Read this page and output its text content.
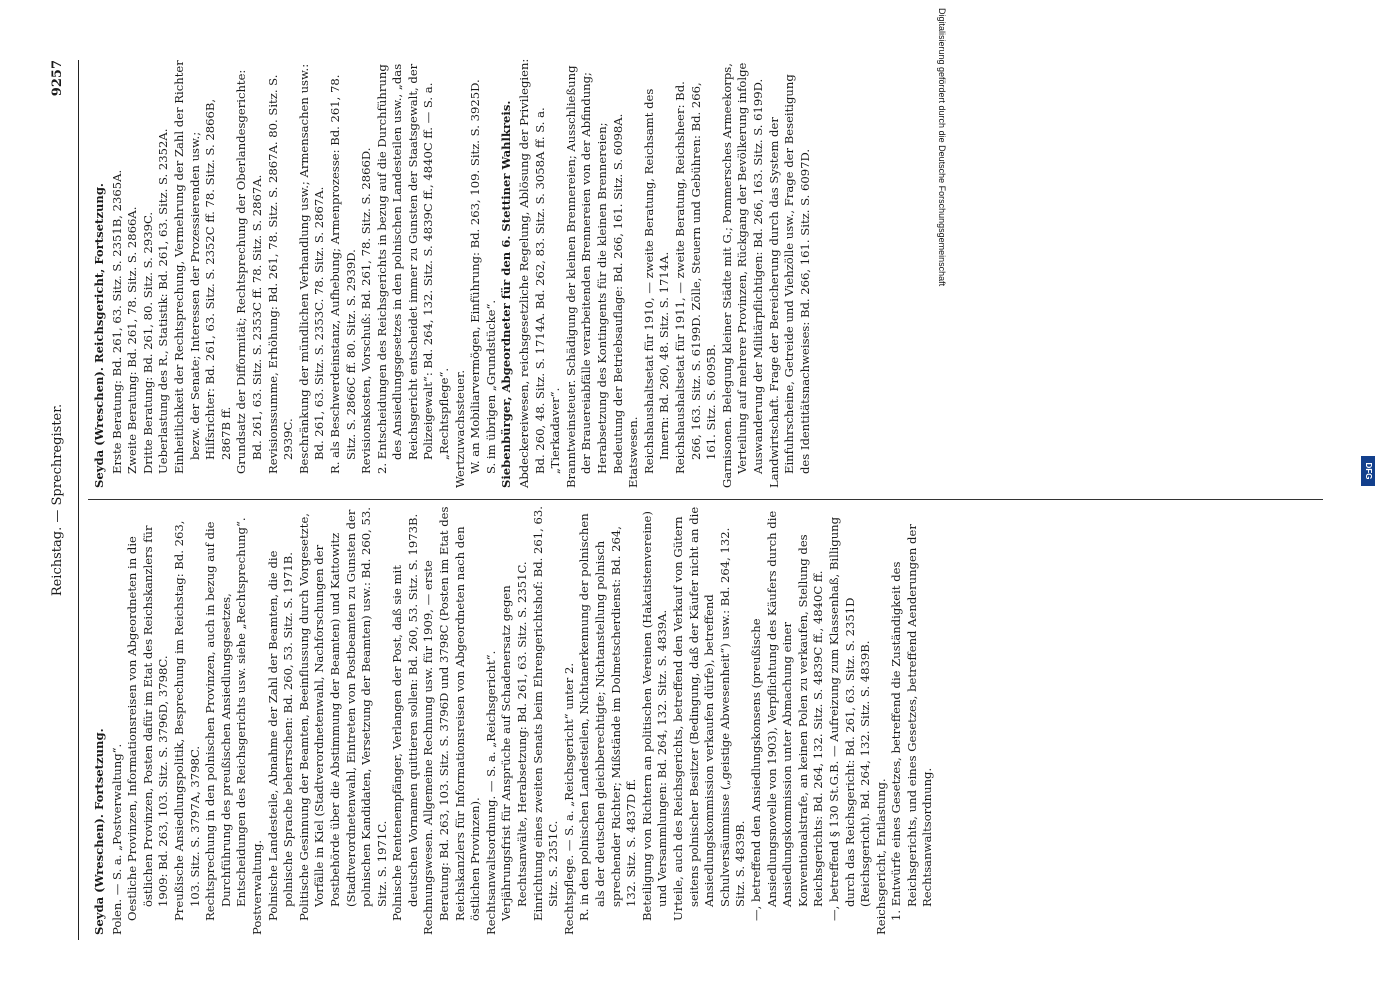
Reichstag. — Sprechregister.
9257

Seyda (Wreschen). Fortsetzung. Polen. — S. a. „Postverwaltung“. Oestliche Provinzen, Informationsreisen von Abgeordneten in die östlichen Provinzen, Posten dafür im Etat des Reichskanzlers für 1909: Bd. 263, 103. Sitz. S. 3796D, 3798C. Preußische Ansiedlungspolitik, Besprechung im Reichstag: Bd. 263, 103. Sitz. S. 3797A, 3798C. Rechtsprechung in den polnischen Provinzen, auch in bezug auf die Durchführung des preußischen Ansiedlungsgesetzes, Entscheidungen des Reichsgerichts usw. siehe „Rechtsprechung“. Postverwaltung. Polnische Landesteile, Abnahme der Zahl der Beamten, die die polnische Sprache beherrschen: Bd. 260, 53. Sitz. S. 1971B. Politische Gesinnung der Beamten, Beeinflussung durch Vorgesetzte, Vorfälle in Kiel (Stadtverordnetenwahl, Nachforschungen der Postbehörde über die Abstimmung der Beamten) und Kattowitz (Stadtverordnetenwahl, Eintreten von Postbeamten zu Gunsten der polnischen Kandidaten, Versetzung der Beamten) usw.: Bd. 260, 53. Sitz. S. 1971C. Polnische Rentenempfänger, Verlangen der Post, daß sie mit deutschen Vornamen quittieren sollen: Bd. 260, 53. Sitz. S. 1973B. Rechnungswesen. Allgemeine Rechnung usw. für 1909, — erste Beratung: Bd. 263, 103. Sitz. S. 3796D und 3798C (Posten im Etat des Reichskanzlers für Informationsreisen von Abgeordneten nach den östlichen Provinzen). Rechtsanwaltsordnung. — S. a. „Reichsgericht“. Verjährungsfrist für Ansprüche auf Schadenersatz gegen Rechtsanwälte, Herabsetzung: Bd. 261, 63. Sitz. S. 2351C. Einrichtung eines zweiten Senats beim Ehrengerichtshof: Bd. 261, 63. Sitz. S. 2351C. Rechtspflege. — S. a. „Reichsgericht“ unter 2. R. in den polnischen Landesteilen, Nichtanerkennung der polnischen als der deutschen gleichberechtigte; Nichtanstellung polnisch sprechender Richter; Mißstände im Dolmetscherdienst: Bd. 264, 132. Sitz. S. 4837D ff. Beteiligung von Richtern an politischen Vereinen (Hakatistenvereine) und Versammlungen: Bd. 264, 132. Sitz. S. 4839A. Urteile, auch des Reichsgerichts, betreffend den Verkauf von Gütern seitens polnischer Besitzer (Bedingung, daß der Käufer nicht an die Ansiedlungskommission verkaufen dürfe), betreffend Schulversäumnisse („geistige Abwesenheit“) usw.: Bd. 264, 132. Sitz. S. 4839B. —, betreffend den Ansiedlungskonsens (preußische Ansiedlungsnovelle von 1903), Verpflichtung des Käufers durch die Ansiedlungskommission unter Abmachung einer Konventionalstrafe, an keinen Polen zu verkaufen, Stellung des Reichsgerichts: Bd. 264, 132. Sitz. S. 4839C ff., 4840C ff. —, betreffend § 130 St.G.B. — Aufreizung zum Klassenhaß, Billigung durch das Reichsgericht: Bd. 261, 63. Sitz. S. 2351D (Reichsgericht). Bd. 264, 132. Sitz. S. 4839B. Reichsgericht, Entlastung. 1. Entwürfe eines Gesetzes, betreffend die Zuständigkeit des Reichsgerichts, und eines Gesetzes, betreffend Aenderungen der Rechtsanwaltsordnung.

Seyda (Wreschen). Reichsgericht, Fortsetzung. Erste Beratung: Bd. 261, 63. Sitz. S. 2351B, 2365A. Zweite Beratung: Bd. 261, 78. Sitz. S. 2866A. Dritte Beratung: Bd. 261, 80. Sitz. S. 2939C. Ueberlastung des R., Statistik: Bd. 261, 63. Sitz. S. 2352A. Einheitlichkeit der Rechtsprechung, Vermehrung der Zahl der Richter bezw. der Senate; Interessen der Prozessierenden usw.; Hilfsrichter: Bd. 261, 63. Sitz. S. 2352C ff. 78. Sitz. S. 2866B, 2867B ff. Grundsatz der Difformität; Rechtsprechung der Oberlandesgerichte: Bd. 261, 63. Sitz. S. 2353C ff. 78. Sitz. S. 2867A. Revisionssumme, Erhöhung: Bd. 261, 78. Sitz. S. 2867A. 80. Sitz. S. 2939C. Beschränkung der mündlichen Verhandlung usw.; Armensachen usw.: Bd. 261, 63. Sitz. S. 2353C. 78. Sitz. S. 2867A. R. als Beschwerdeinstanz, Aufhebung; Armenprozesse: Bd. 261, 78. Sitz. S. 2866C ff. 80. Sitz. S. 2939D. Revisionskosten, Vorschuß: Bd. 261, 78. Sitz. S. 2866D. 2. Entscheidungen des Reichsgerichts in bezug auf die Durchführung des Ansiedlungsgesetzes in den polnischen Landesteilen usw., „das Reichsgericht entscheidet immer zu Gunsten der Staatsgewalt, der Polizeigewalt“: Bd. 264, 132. Sitz. S. 4839C ff., 4840C ff. — S. a. „Rechtspflege“. Wertzuwachssteuer. W. an Mobiliarvermögen, Einführung: Bd. 263, 109. Sitz. S. 3925D. S. im übrigen „Grundstücke“. Siebenbürger, Abgeordneter für den 6. Stettiner Wahlkreis. Abdeckereiwesen, reichsgesetzliche Regelung, Ablösung der Privilegien: Bd. 260, 48. Sitz. S. 1714A. Bd. 262, 83. Sitz. S. 3058A ff. S. a. „Tierkadaver“. Branntweinsteuer. Schädigung der kleinen Brennereien; Ausschließung der Brauereiabfälle verarbeitenden Brennereien von der Abfindung; Herabsetzung des Kontingents für die kleinen Brennereien; Bedeutung der Betriebsauflage: Bd. 266, 161. Sitz. S. 6098A. Etatswesen. Reichshaushaltsetat für 1910, — zweite Beratung, Reichsamt des Innern: Bd. 260, 48. Sitz. S. 1714A. Reichshaushaltsetat für 1911, — zweite Beratung, Reichsheer: Bd. 266, 163. Sitz. S. 6199D. Zölle, Steuern und Gebühren: Bd. 266, 161. Sitz. S. 6095B. Garnisonen. Belegung kleiner Städte mit G.; Pommersches Armeekorps, Verteilung auf mehrere Provinzen, Rückgang der Bevölkerung infolge Auswanderung der Militärpflichtigen: Bd. 266, 163. Sitz. S. 6199D. Landwirtschaft. Frage der Bereicherung durch das System der Einfuhrscheine, Getreide und Viehzölle usw., Frage der Beseitigung des Identitätsnachweises: Bd. 266, 161. Sitz. S. 6097D.

Digitalisierung gefördert durch die Deutsche Forschungsgemeinschaft
DFG
